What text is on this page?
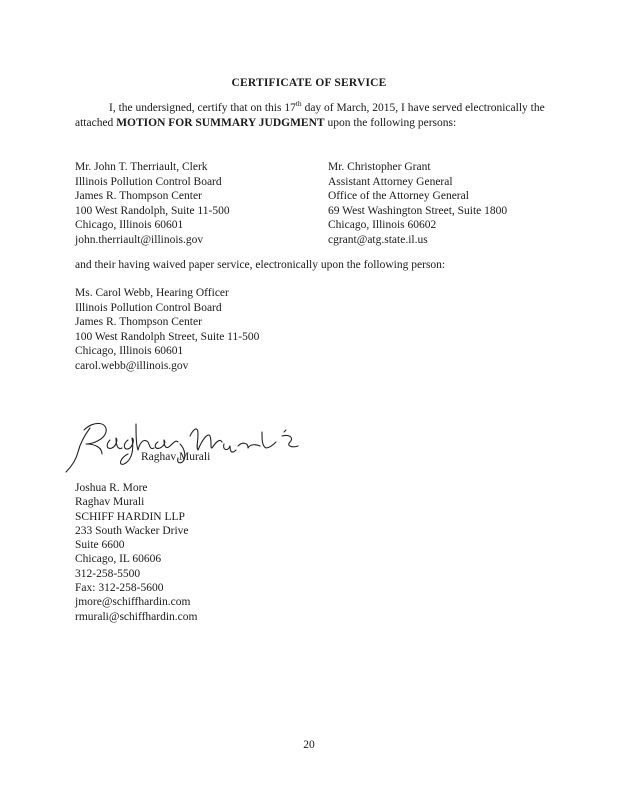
CERTIFICATE OF SERVICE
I, the undersigned, certify that on this 17th day of March, 2015, I have served electronically the attached MOTION FOR SUMMARY JUDGMENT upon the following persons:
Mr. John T. Therriault, Clerk
Illinois Pollution Control Board
James R. Thompson Center
100 West Randolph, Suite 11-500
Chicago, Illinois 60601
john.therriault@illinois.gov
Mr. Christopher Grant
Assistant Attorney General
Office of the Attorney General
69 West Washington Street, Suite 1800
Chicago, Illinois 60602
cgrant@atg.state.il.us
and their having waived paper service, electronically upon the following person:
Ms. Carol Webb, Hearing Officer
Illinois Pollution Control Board
James R. Thompson Center
100 West Randolph Street, Suite 11-500
Chicago, Illinois 60601
carol.webb@illinois.gov
Raghav Murali
Joshua R. More
Raghav Murali
SCHIFF HARDIN LLP
233 South Wacker Drive
Suite 6600
Chicago, IL 60606
312-258-5500
Fax: 312-258-5600
jmore@schiffhardin.com
rmurali@schiffhardin.com
20
